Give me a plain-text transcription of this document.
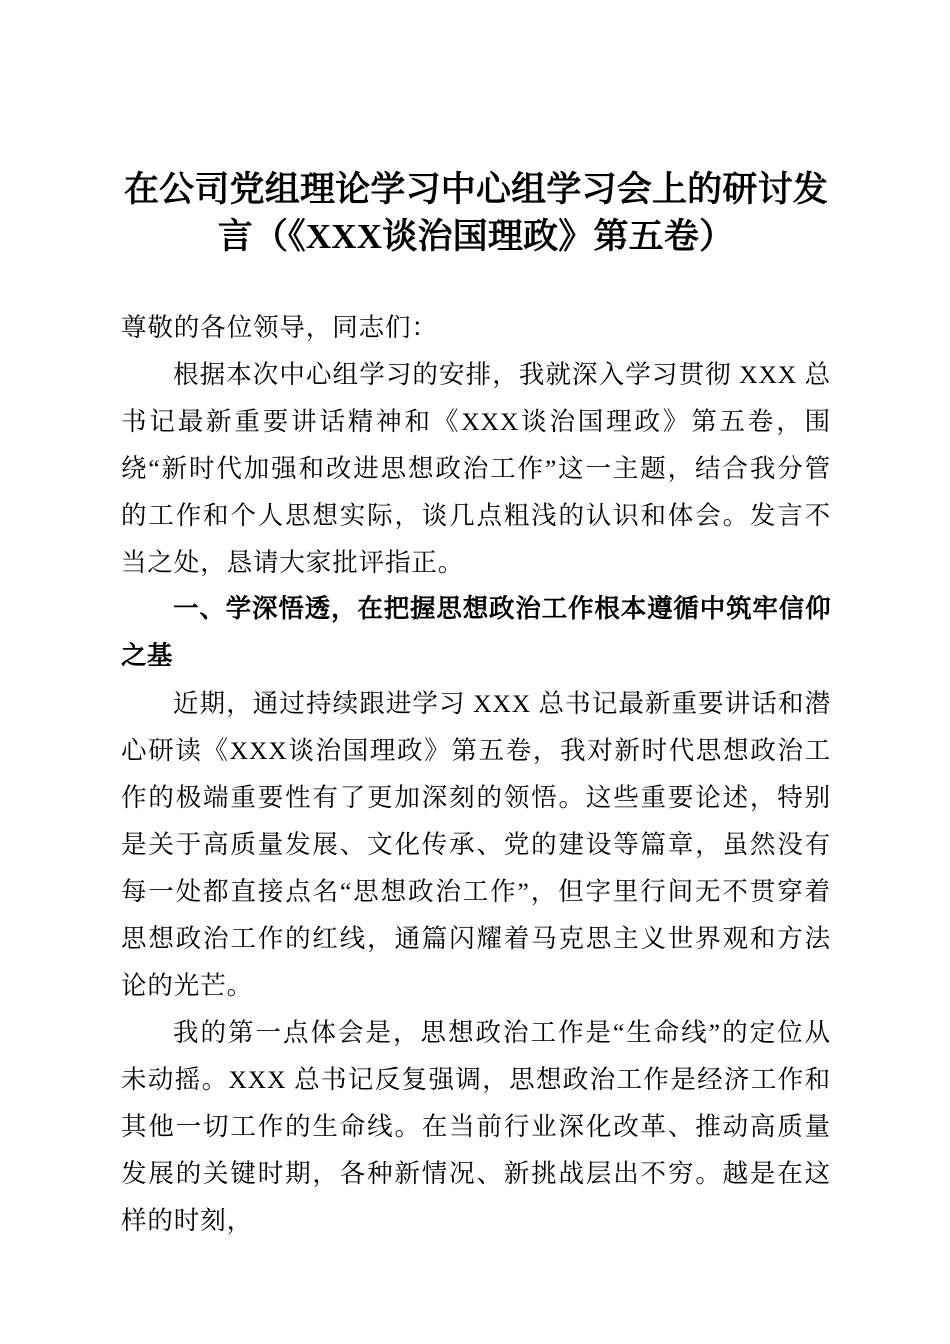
在公司党组理论学习中心组学习会上的研讨发言（《XXX谈治国理政》第五卷）

尊敬的各位领导，同志们：

根据本次中心组学习的安排，我就深入学习贯彻 XXX 总书记最新重要讲话精神和《XXX谈治国理政》第五卷，围绕“新时代加强和改进思想政治工作”这一主题，结合我分管的工作和个人思想实际，谈几点粗浅的认识和体会。发言不当之处，恳请大家批评指正。

一、学深悟透，在把握思想政治工作根本遵循中筑牢信仰之基

近期，通过持续跟进学习 XXX 总书记最新重要讲话和潜心研读《XXX谈治国理政》第五卷，我对新时代思想政治工作的极端重要性有了更加深刻的领悟。这些重要论述，特别是关于高质量发展、文化传承、党的建设等篇章，虽然没有每一处都直接点名“思想政治工作”，但字里行间无不贯穿着思想政治工作的红线，通篇闪耀着马克思主义世界观和方法论的光芒。

我的第一点体会是，思想政治工作是“生命线”的定位从未动摇。XXX 总书记反复强调，思想政治工作是经济工作和其他一切工作的生命线。在当前行业深化改革、推动高质量发展的关键时期，各种新情况、新挑战层出不穷。越是在这样的时刻，
